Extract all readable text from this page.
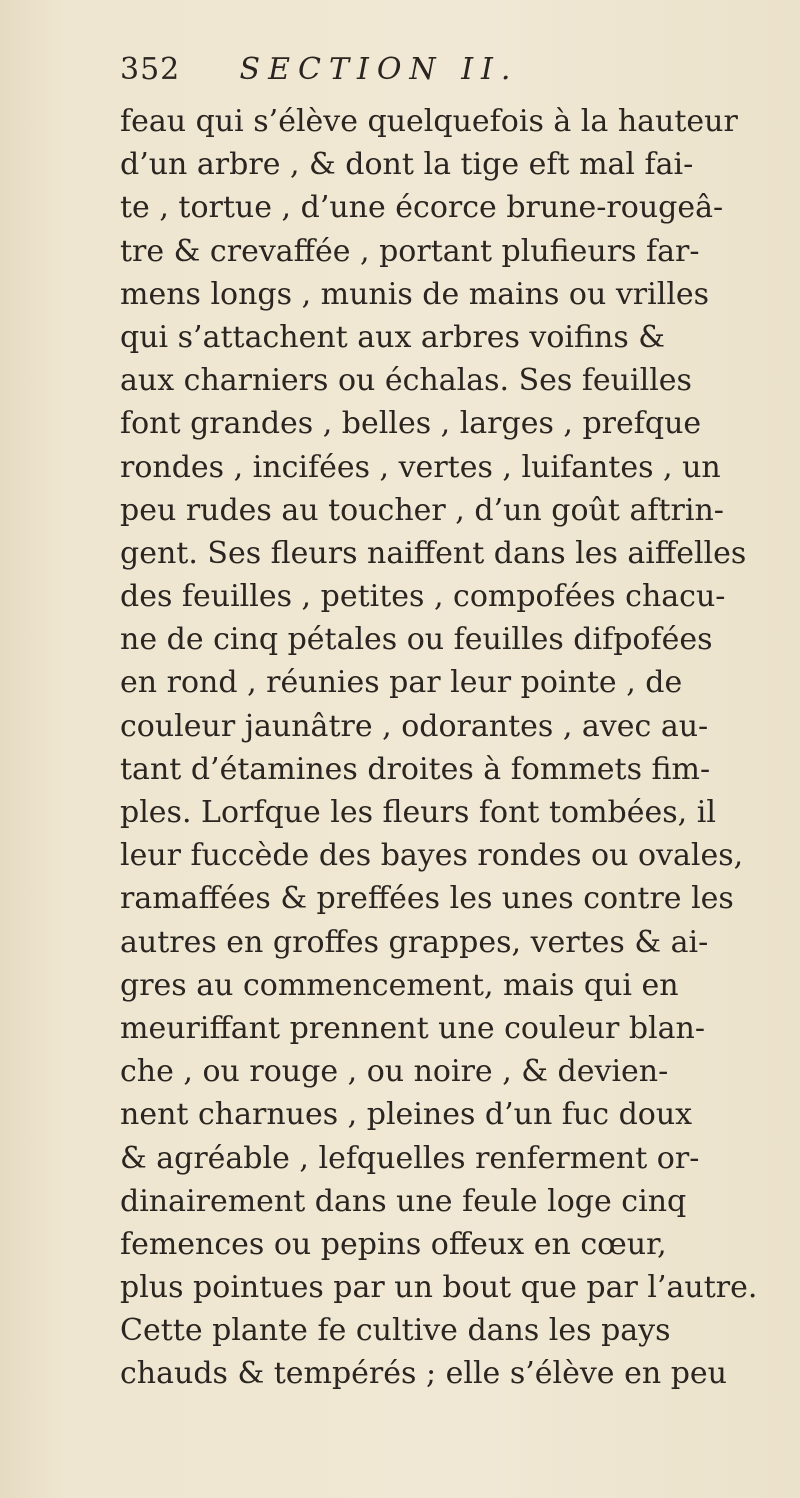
352 SECTION II.
feau qui s’élève quelquefois à la hauteur
d’un arbre , & dont la tige eft mal fai-
te , tortue , d’une écorce brune-rougeâ-
tre & crevaffée , portant plufieurs far-
mens longs , munis de mains ou vrilles
qui s’attachent aux arbres voifins &
aux charniers ou échalas. Ses feuilles
font grandes , belles , larges , prefque
rondes , incifées , vertes , luifantes , un
peu rudes au toucher , d’un goût aftrin-
gent. Ses fleurs naiffent dans les aiffelles
des feuilles , petites , compofées chacu-
ne de cinq pétales ou feuilles difpofées
en rond , réunies par leur pointe , de
couleur jaunâtre , odorantes , avec au-
tant d’étamines droites à fommets fim-
ples. Lorfque les fleurs font tombées, il
leur fuccède des bayes rondes ou ovales,
ramaffées & preffées les unes contre les
autres en groffes grappes, vertes & ai-
gres au commencement, mais qui en
meuriffant prennent une couleur blan-
che , ou rouge , ou noire , & devien-
nent charnues , pleines d’un fuc doux
& agréable , lefquelles renferment or-
dinairement dans une feule loge cinq
femences ou pepins offeux en cœur,
plus pointues par un bout que par l’autre.
Cette plante fe cultive dans les pays
chauds & tempérés ; elle s’élève en peu
